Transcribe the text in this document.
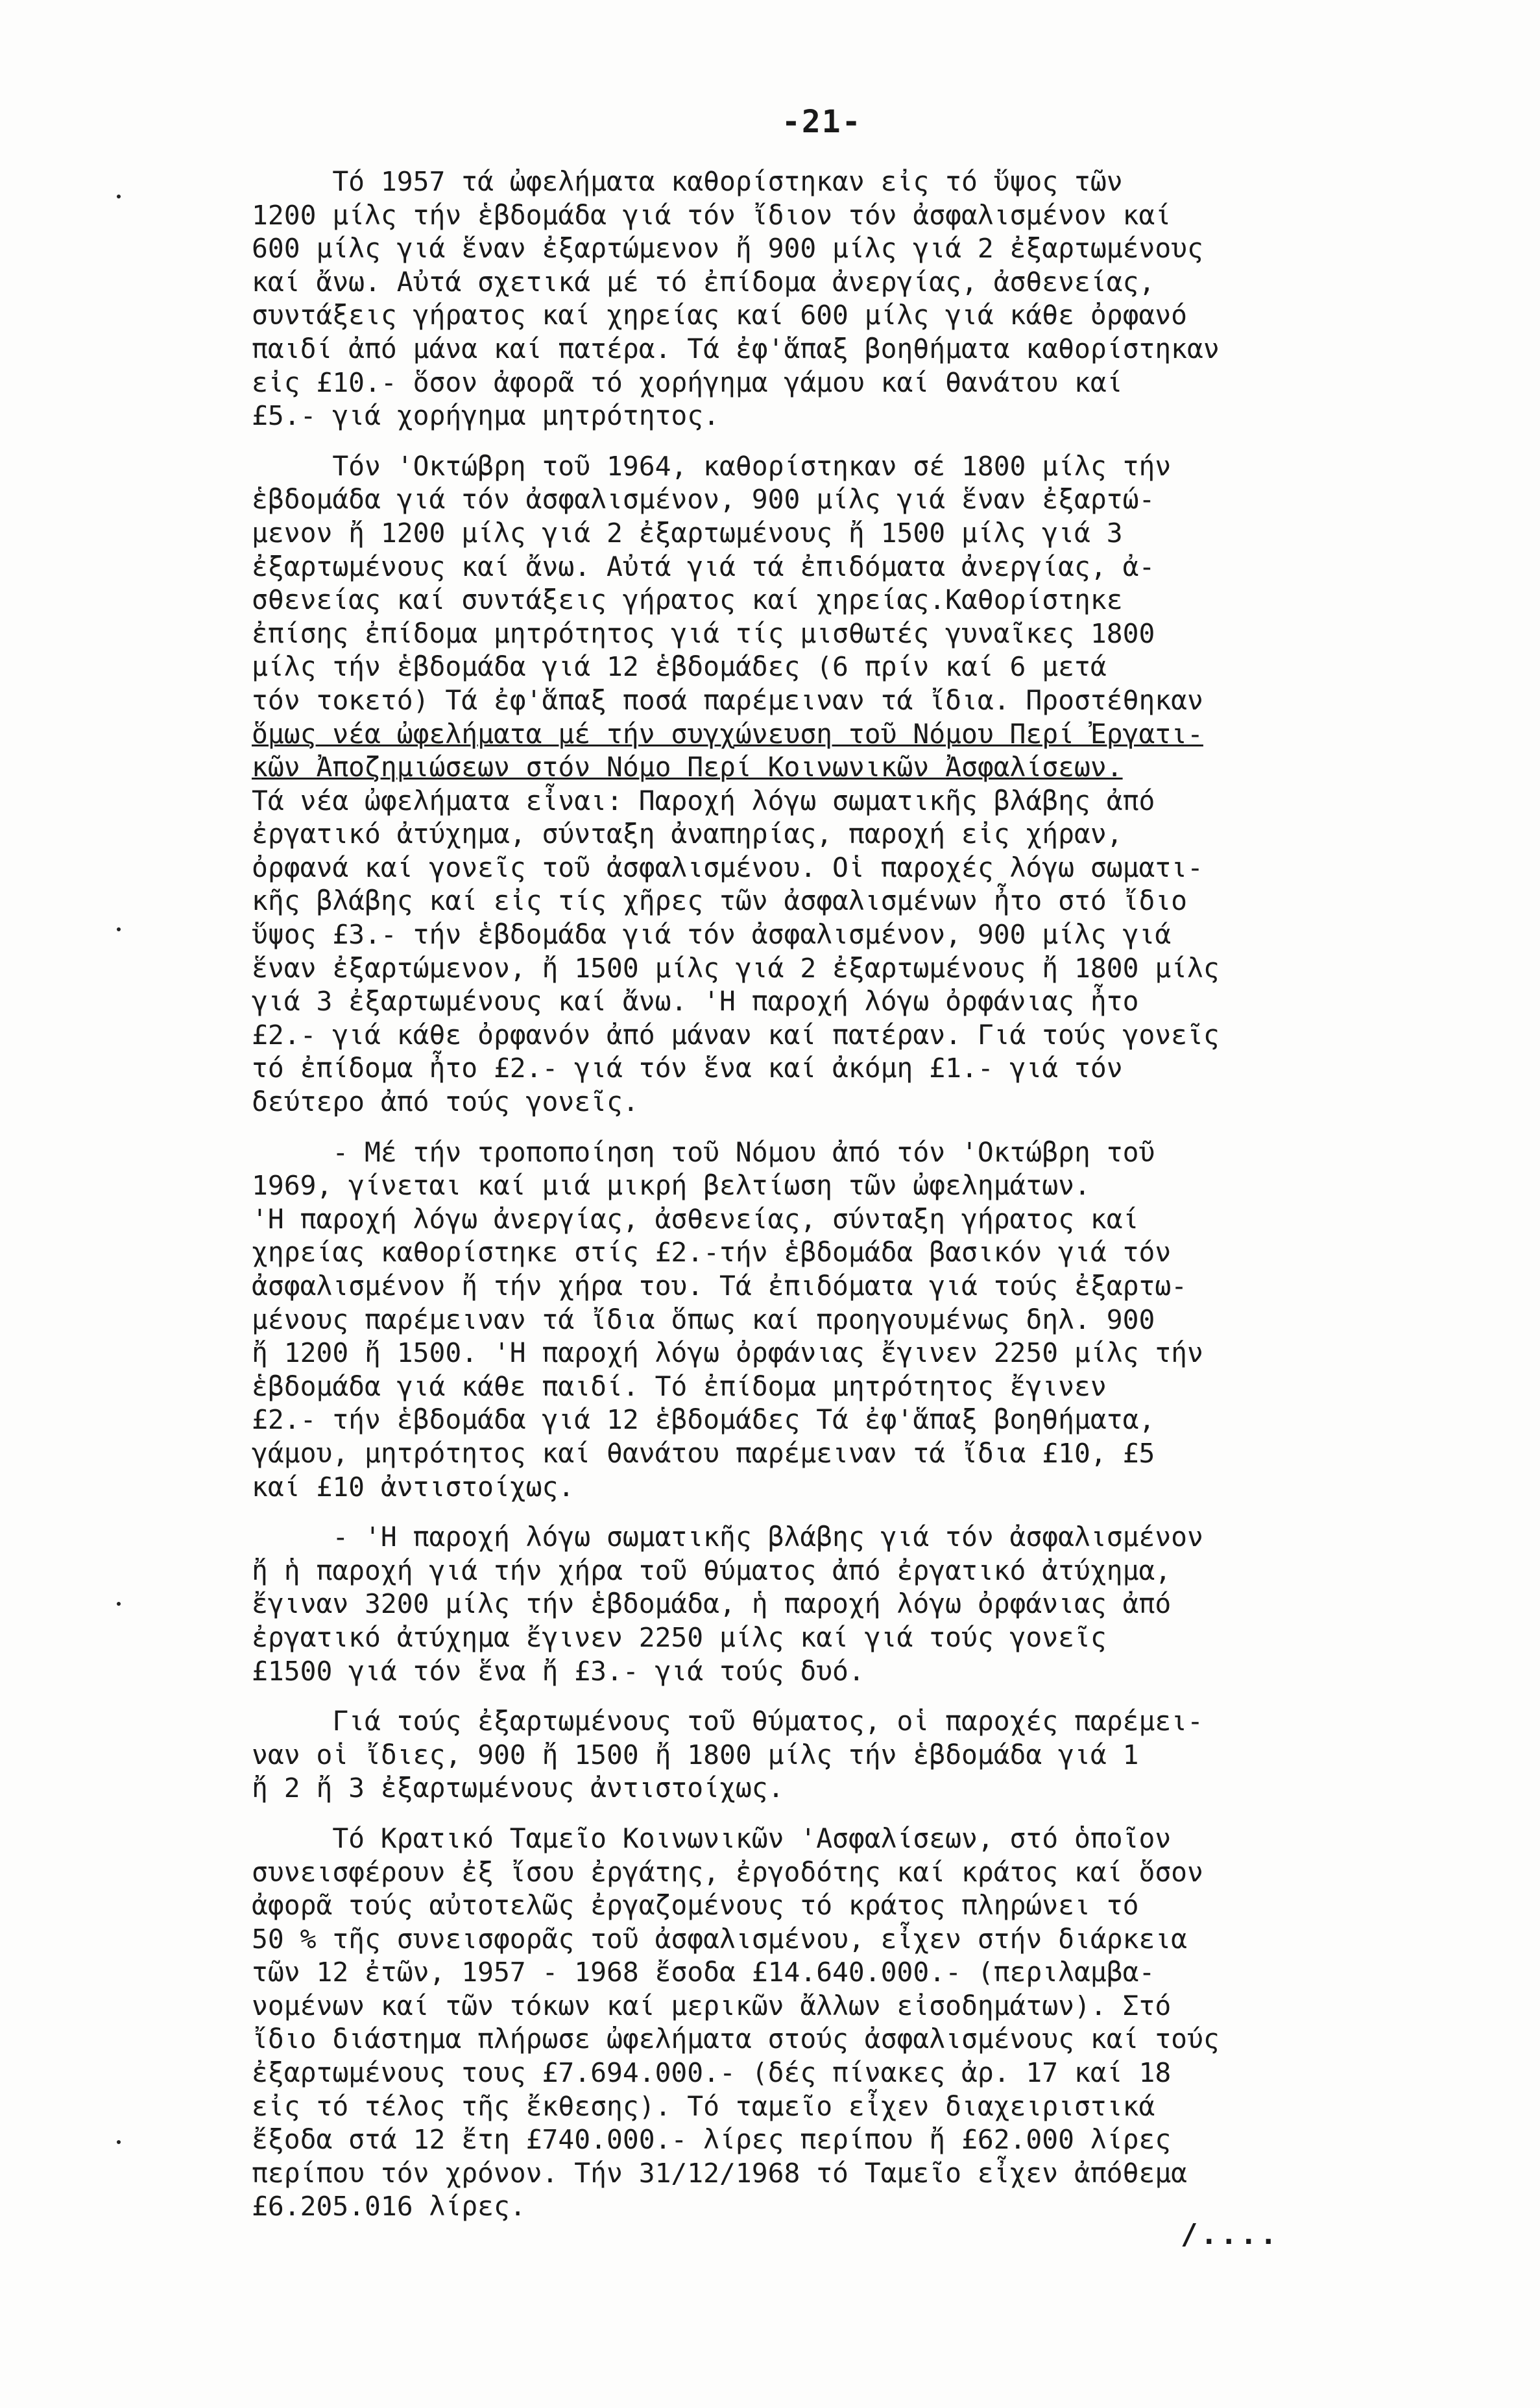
-21-
Τό 1957 τά ὠφελήματα καθορίστηκαν εἰς τό ὕψος τῶν
1200 μίλς τήν ἑβδομάδα γιά τόν ἴδιον τόν ἀσφαλισμένον καί
600 μίλς γιά ἕναν ἐξαρτώμενον ἤ 900 μίλς γιά 2 ἐξαρτωμένους
καί ἄνω. Αὐτά σχετικά μέ τό ἐπίδομα ἀνεργίας, ἀσθενείας,
συντάξεις γήρατος καί χηρείας καί 600 μίλς γιά κάθε ὀρφανό
παιδί ἀπό μάνα καί πατέρα. Τά ἐφ'ἅπαξ βοηθήματα καθορίστηκαν
εἰς £10.- ὅσον ἀφορᾶ τό χορήγημα γάμου καί θανάτου καί
£5.- γιά χορήγημα μητρότητος.
Τόν 'Οκτώβρη τοῦ 1964, καθορίστηκαν σέ 1800 μίλς τήν
ἑβδομάδα γιά τόν ἀσφαλισμένον, 900 μίλς γιά ἕναν ἐξαρτώ-
μενον ἤ 1200 μίλς γιά 2 ἐξαρτωμένους ἤ 1500 μίλς γιά 3
ἐξαρτωμένους καί ἄνω. Αὐτά γιά τά ἐπιδόματα ἀνεργίας, ἀ-
σθενείας καί συντάξεις γήρατος καί χηρείας.Καθορίστηκε
ἐπίσης ἐπίδομα μητρότητος γιά τίς μισθωτές γυναῖκες 1800
μίλς τήν ἑβδομάδα γιά 12 ἑβδομάδες (6 πρίν καί 6 μετά
τόν τοκετό) Τά ἐφ'ἅπαξ ποσά παρέμειναν τά ἴδια. Προστέθηκαν
ὅμως νέα ὠφελήματα μέ τήν συγχώνευση τοῦ Νόμου Περί Ἐργατι-
κῶν Ἀποζημιώσεων στόν Νόμο Περί Κοινωνικῶν Ἀσφαλίσεων.
Τά νέα ὠφελήματα εἶναι: Παροχή λόγω σωματικῆς βλάβης ἀπό
ἐργατικό ἀτύχημα, σύνταξη ἀναπηρίας, παροχή εἰς χήραν,
ὀρφανά καί γονεῖς τοῦ ἀσφαλισμένου. Οἱ παροχές λόγω σωματι-
κῆς βλάβης καί εἰς τίς χῆρες τῶν ἀσφαλισμένων ἦτο στό ἴδιο
ὕψος £3.- τήν ἑβδομάδα γιά τόν ἀσφαλισμένον, 900 μίλς γιά
ἕναν ἐξαρτώμενον, ἤ 1500 μίλς γιά 2 ἐξαρτωμένους ἤ 1800 μίλς
γιά 3 ἐξαρτωμένους καί ἄνω. 'Η παροχή λόγω ὀρφάνιας ἦτο
£2.- γιά κάθε ὀρφανόν ἀπό μάναν καί πατέραν. Γιά τούς γονεῖς
τό ἐπίδομα ἦτο £2.- γιά τόν ἕνα καί ἀκόμη £1.- γιά τόν
δεύτερο ἀπό τούς γονεῖς.
- Μέ τήν τροποποίηση τοῦ Νόμου ἀπό τόν 'Οκτώβρη τοῦ
1969, γίνεται καί μιά μικρή βελτίωση τῶν ὠφελημάτων.
'Η παροχή λόγω ἀνεργίας, ἀσθενείας, σύνταξη γήρατος καί
χηρείας καθορίστηκε στίς £2.-τήν ἑβδομάδα βασικόν γιά τόν
ἀσφαλισμένον ἤ τήν χήρα του. Τά ἐπιδόματα γιά τούς ἐξαρτω-
μένους παρέμειναν τά ἴδια ὅπως καί προηγουμένως δηλ. 900
ἤ 1200 ἤ 1500. 'Η παροχή λόγω ὀρφάνιας ἔγινεν 2250 μίλς τήν
ἑβδομάδα γιά κάθε παιδί. Τό ἐπίδομα μητρότητος ἔγινεν
£2.- τήν ἑβδομάδα γιά 12 ἑβδομάδες Τά ἐφ'ἅπαξ βοηθήματα,
γάμου, μητρότητος καί θανάτου παρέμειναν τά ἴδια £10, £5
καί £10 ἀντιστοίχως.
- 'Η παροχή λόγω σωματικῆς βλάβης γιά τόν ἀσφαλισμένον
ἤ ἡ παροχή γιά τήν χήρα τοῦ θύματος ἀπό ἐργατικό ἀτύχημα,
ἔγιναν 3200 μίλς τήν ἑβδομάδα, ἡ παροχή λόγω ὀρφάνιας ἀπό
ἐργατικό ἀτύχημα ἔγινεν 2250 μίλς καί γιά τούς γονεῖς
£1500 γιά τόν ἕνα ἤ £3.- γιά τούς δυό.
Γιά τούς ἐξαρτωμένους τοῦ θύματος, οἱ παροχές παρέμει-
ναν οἱ ἴδιες, 900 ἤ 1500 ἤ 1800 μίλς τήν ἑβδομάδα γιά 1
ἤ 2 ἤ 3 ἐξαρτωμένους ἀντιστοίχως.
Τό Κρατικό Ταμεῖο Κοινωνικῶν 'Ασφαλίσεων, στό ὁποῖον
συνεισφέρουν ἐξ ἴσου ἐργάτης, ἐργοδότης καί κράτος καί ὅσον
ἀφορᾶ τούς αὐτοτελῶς ἐργαζομένους τό κράτος πληρώνει τό
50 % τῆς συνεισφορᾶς τοῦ ἀσφαλισμένου, εἶχεν στήν διάρκεια
τῶν 12 ἐτῶν, 1957 - 1968 ἔσοδα £14.640.000.- (περιλαμβα-
νομένων καί τῶν τόκων καί μερικῶν ἄλλων εἰσοδημάτων). Στό
ἴδιο διάστημα πλήρωσε ὠφελήματα στούς ἀσφαλισμένους καί τούς
ἐξαρτωμένους τους £7.694.000.- (δές πίνακες ἀρ. 17 καί 18
εἰς τό τέλος τῆς ἔκθεσης). Τό ταμεῖο εἶχεν διαχειριστικά
ἔξοδα στά 12 ἔτη £740.000.- λίρες περίπου ἤ £62.000 λίρες
περίπου τόν χρόνον. Τήν 31/12/1968 τό Ταμεῖο εἶχεν ἀπόθεμα
£6.205.016 λίρες.
/....
